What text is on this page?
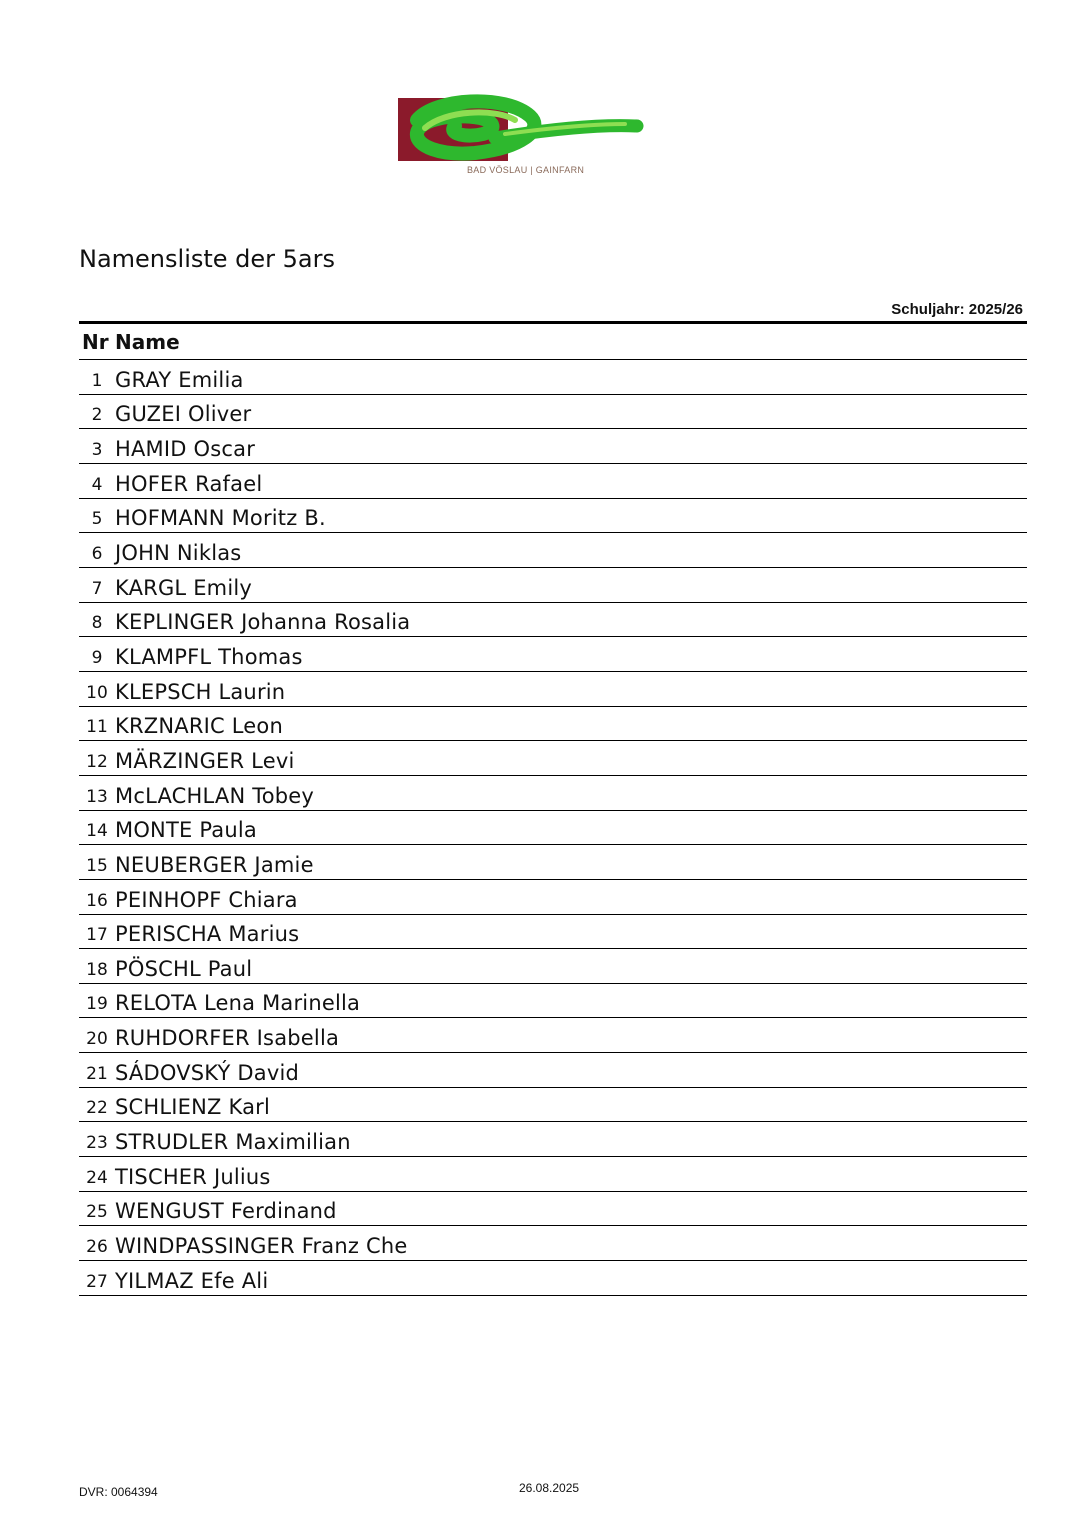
BAD VÖSLAU | GAINFARN
Namensliste der 5ars
Schuljahr: 2025/26
Nr Name
1 GRAY Emilia
2 GUZEI Oliver
3 HAMID Oscar
4 HOFER Rafael
5 HOFMANN Moritz B.
6 JOHN Niklas
7 KARGL Emily
8 KEPLINGER Johanna Rosalia
9 KLAMPFL Thomas
10 KLEPSCH Laurin
11 KRZNARIC Leon
12 MÄRZINGER Levi
13 McLACHLAN Tobey
14 MONTE Paula
15 NEUBERGER Jamie
16 PEINHOPF Chiara
17 PERISCHA Marius
18 PÖSCHL Paul
19 RELOTA Lena Marinella
20 RUHDORFER Isabella
21 SÁDOVSKÝ David
22 SCHLIENZ Karl
23 STRUDLER Maximilian
24 TISCHER Julius
25 WENGUST Ferdinand
26 WINDPASSINGER Franz Che
27 YILMAZ Efe Ali
DVR: 0064394	26.08.2025
